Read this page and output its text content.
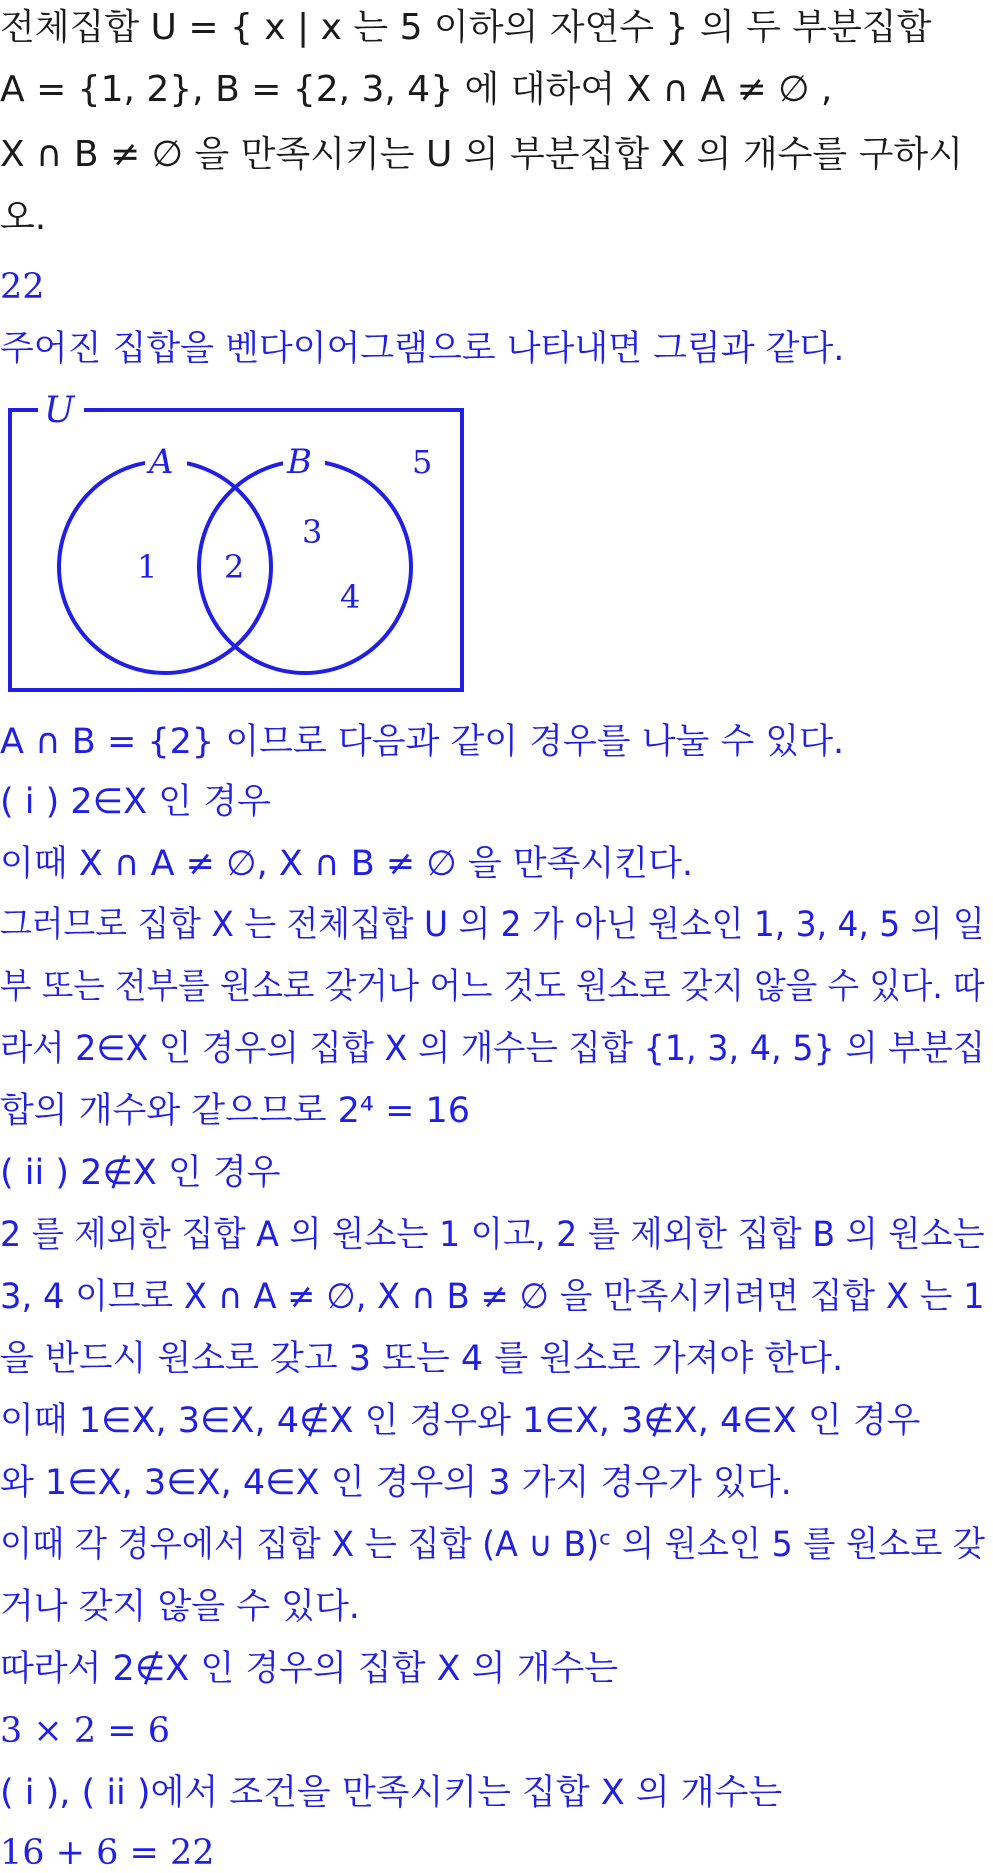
전체집합 U = { x | x 는 5 이하의 자연수 } 의 두 부분집합
A = {1, 2}, B = {2, 3, 4} 에 대하여 X ∩ A ≠ ∅ ,
X ∩ B ≠ ∅ 을 만족시키는 U 의 부분집합 X 의 개수를 구하시
오.
22
주어진 집합을 벤다이어그램으로 나타내면 그림과 같다.
U
A	B	5
1 2
3
4
A ∩ B = {2} 이므로 다음과 같이 경우를 나눌 수 있다.
( i ) 2∈X 인 경우
이때 X ∩ A ≠ ∅, X ∩ B ≠ ∅ 을 만족시킨다.
그러므로 집합 X 는 전체집합 U 의 2 가 아닌 원소인 1, 3, 4, 5 의 일
부 또는 전부를 원소로 갖거나 어느 것도 원소로 갖지 않을 수 있다. 따
라서 2∈X 인 경우의 집합 X 의 개수는 집합 {1, 3, 4, 5} 의 부분집
합의 개수와 같으므로 2⁴ = 16
( ii ) 2∉X 인 경우
2 를 제외한 집합 A 의 원소는 1 이고, 2 를 제외한 집합 B 의 원소는
3, 4 이므로 X ∩ A ≠ ∅, X ∩ B ≠ ∅ 을 만족시키려면 집합 X 는 1
을 반드시 원소로 갖고 3 또는 4 를 원소로 가져야 한다.
이때 1∈X, 3∈X, 4∉X 인 경우와 1∈X, 3∉X, 4∈X 인 경우
와 1∈X, 3∈X, 4∈X 인 경우의 3 가지 경우가 있다.
이때 각 경우에서 집합 X 는 집합 (A ∪ B)ᶜ 의 원소인 5 를 원소로 갖
거나 갖지 않을 수 있다.
따라서 2∉X 인 경우의 집합 X 의 개수는
3 × 2 = 6
( i ), ( ii )에서 조건을 만족시키는 집합 X 의 개수는
16 + 6 = 22
